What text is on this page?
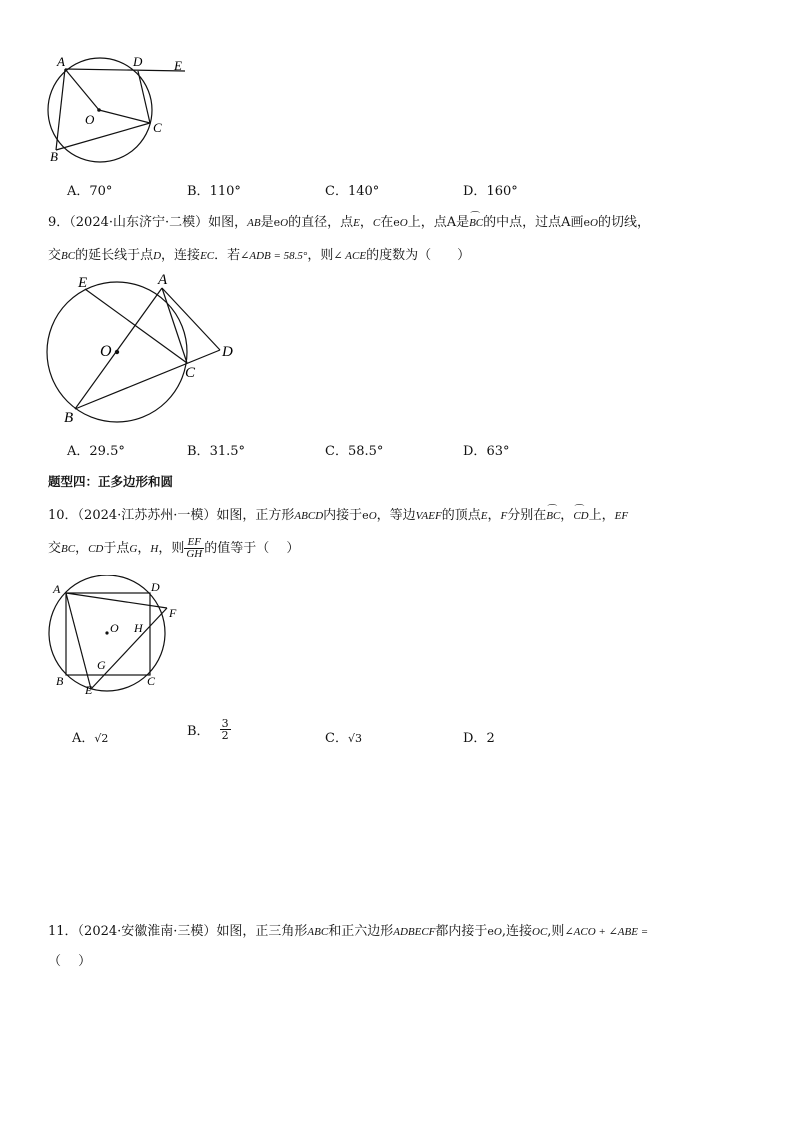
A	D E
O
C
B
A．70°	B．110°	C．140°	D．160°
9．（2024·山东济宁·二模）如图，AB是eO的直径，点E，C在eO上，点A是⌒ BC的中点，过点A画eO的切线，
交BC的延长线于点D，连接EC．若∠ADB = 58.5°，则∠ ACE的度数为（　　）
E	A
O	D
C
B
A．29.5°	B．31.5°	C．58.5°	D．63°
题型四：正多边形和圆
10．（2024·江苏苏州·一模）如图，正方形ABCD内接于eO，等边VAEF的顶点E，F分别在⌒ BC，⌒ CD上，EF
交BC，CD于点G，H，则 $\frac{EF}{GH}$ 的值等于（　 ）
A	D
F
O H
G
B
E
C
A．√2	B． $\frac{3}{2}$	C．√3	D．2
11．（2024·安徽淮南·三模）如图，正三角形ABC和正六边形ADBECF都内接于eO,连接OC,则∠ACO + ∠ABE =
（　 ）
